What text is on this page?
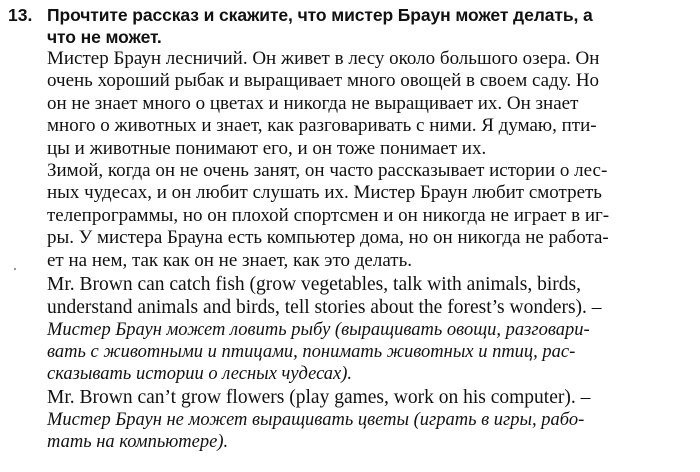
13. Прочтите рассказ и скажите, что мистер Браун может делать, а
что не может.
Мистер Браун лесничий. Он живет в лесу около большого озера. Он
очень хороший рыбак и выращивает много овощей в своем саду. Но
он не знает много о цветах и никогда не выращивает их. Он знает
много о животных и знает, как разговаривать с ними. Я думаю, пти-
цы и животные понимают его, и он тоже понимает их.
Зимой, когда он не очень занят, он часто рассказывает истории о лес-
ных чудесах, и он любит слушать их. Мистер Браун любит смотреть
телепрограммы, но он плохой спортсмен и он никогда не играет в иг-
ры. У мистера Брауна есть компьютер дома, но он никогда не работа-
ет на нем, так как он не знает, как это делать.
Mr. Brown can catch fish (grow vegetables, talk with animals, birds,
understand animals and birds, tell stories about the forest’s wonders). –
Мистер Браун может ловить рыбу (выращивать овощи, разговари-
вать с животными и птицами, понимать животных и птиц, рас-
сказывать истории о лесных чудесах).
Mr. Brown can’t grow flowers (play games, work on his computer). –
Мистер Браун не может выращивать цветы (играть в игры, рабо-
тать на компьютере).
